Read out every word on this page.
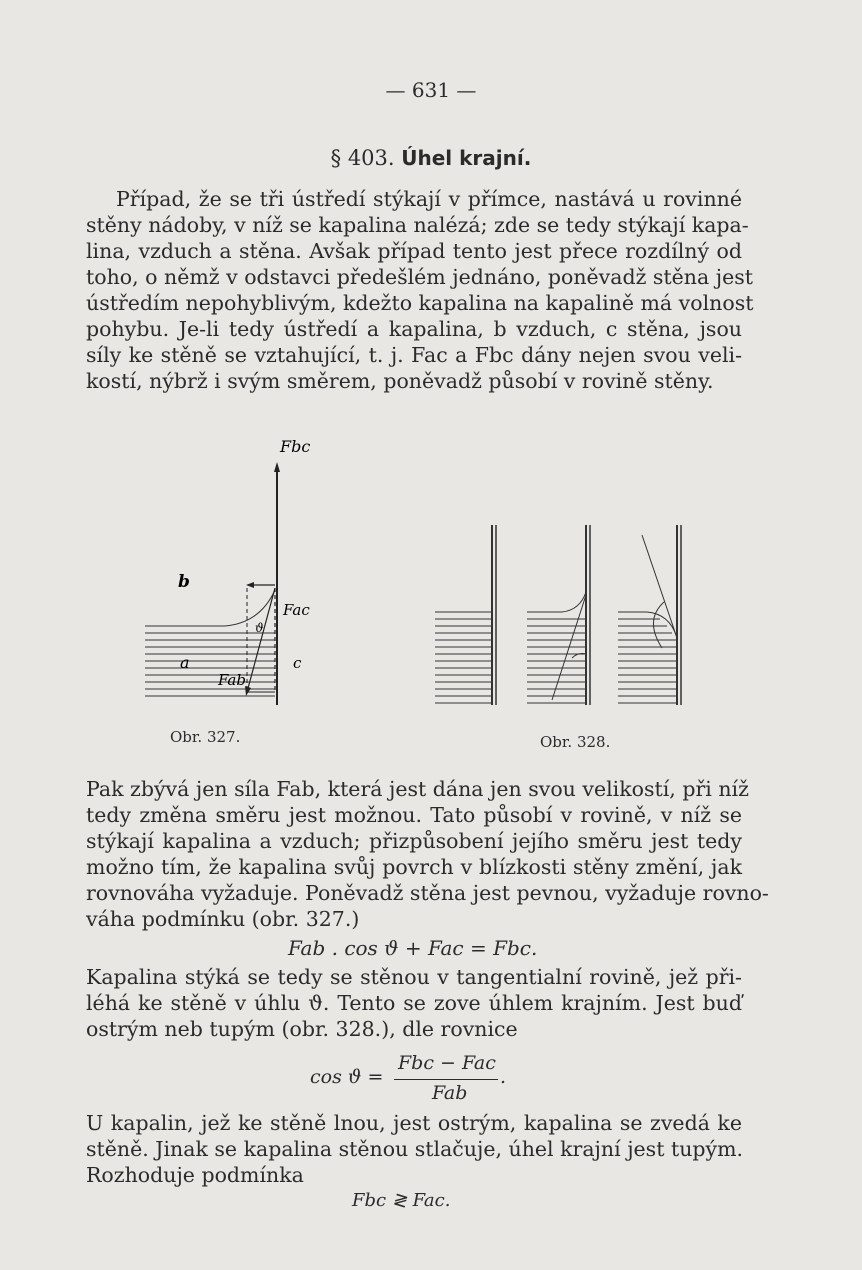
— 631 —
§ 403. Úhel krajní.
Případ, že se tři ústředí stýkají v přímce, nastává u rovinné
stěny nádoby, v níž se kapalina nalézá; zde se tedy stýkají kapa-
lina, vzduch a stěna. Avšak případ tento jest přece rozdílný od
toho, o němž v odstavci předešlém jednáno, poněvadž stěna jest
ústředím nepohyblivým, kdežto kapalina na kapalině má volnost
pohybu. Je-li tedy ústředí a kapalina, b vzduch, c stěna, jsou
síly ke stěně se vztahující, t. j. Fac a Fbc dány nejen svou veli-
kostí, nýbrž i svým směrem, poněvadž působí v rovině stěny.
Fbc
Fac
Fab
a
b
c
ϑ
Obr. 327.	Obr. 328.
Pak zbývá jen síla Fab, která jest dána jen svou velikostí, při níž
tedy změna směru jest možnou. Tato působí v rovině, v níž se
stýkají kapalina a vzduch; přizpůsobení jejího směru jest tedy
možno tím, že kapalina svůj povrch v blízkosti stěny změní, jak
rovnováha vyžaduje. Poněvadž stěna jest pevnou, vyžaduje rovno-
váha podmínku (obr. 327.)
Fab . cos ϑ + Fac = Fbc.
Kapalina stýká se tedy se stěnou v tangentialní rovině, jež při-
léhá ke stěně v úhlu ϑ. Tento se zove úhlem krajním. Jest buď
ostrým neb tupým (obr. 328.), dle rovnice
cos ϑ =
Fbc − Fac
Fab
.
U kapalin, jež ke stěně lnou, jest ostrým, kapalina se zvedá ke
stěně. Jinak se kapalina stěnou stlačuje, úhel krajní jest tupým.
Rozhoduje podmínka
Fbc ≷ Fac.
